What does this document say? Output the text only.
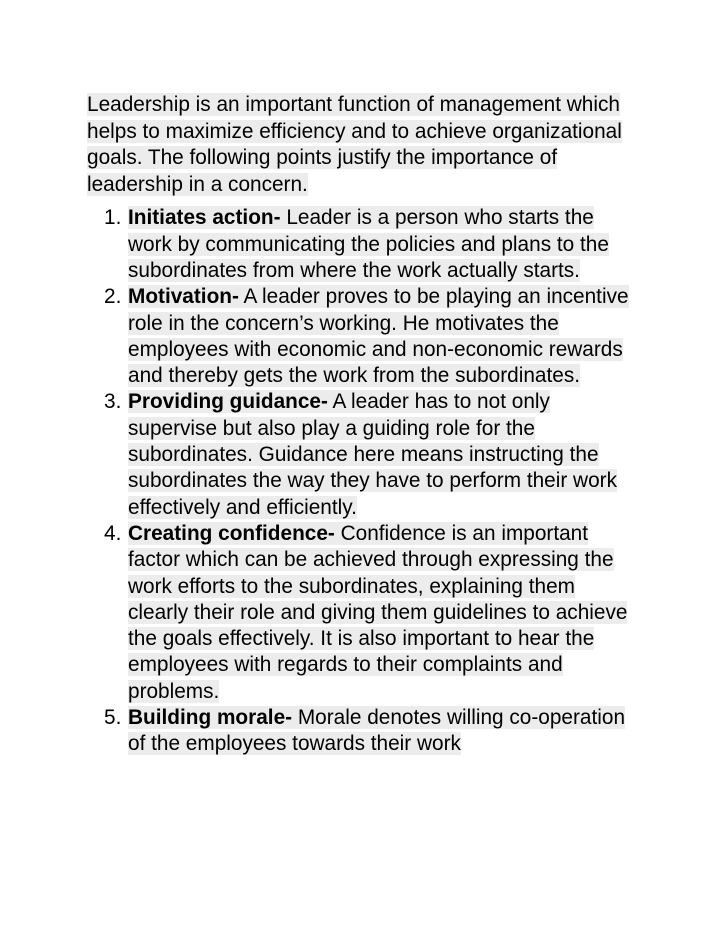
Leadership is an important function of management which helps to maximize efficiency and to achieve organizational goals. The following points justify the importance of leadership in a concern.

1. Initiates action- Leader is a person who starts the work by communicating the policies and plans to the subordinates from where the work actually starts.
2. Motivation- A leader proves to be playing an incentive role in the concern’s working. He motivates the employees with economic and non-economic rewards and thereby gets the work from the subordinates.
3. Providing guidance- A leader has to not only supervise but also play a guiding role for the subordinates. Guidance here means instructing the subordinates the way they have to perform their work effectively and efficiently.
4. Creating confidence- Confidence is an important factor which can be achieved through expressing the work efforts to the subordinates, explaining them clearly their role and giving them guidelines to achieve the goals effectively. It is also important to hear the employees with regards to their complaints and problems.
5. Building morale- Morale denotes willing co-operation of the employees towards their work
